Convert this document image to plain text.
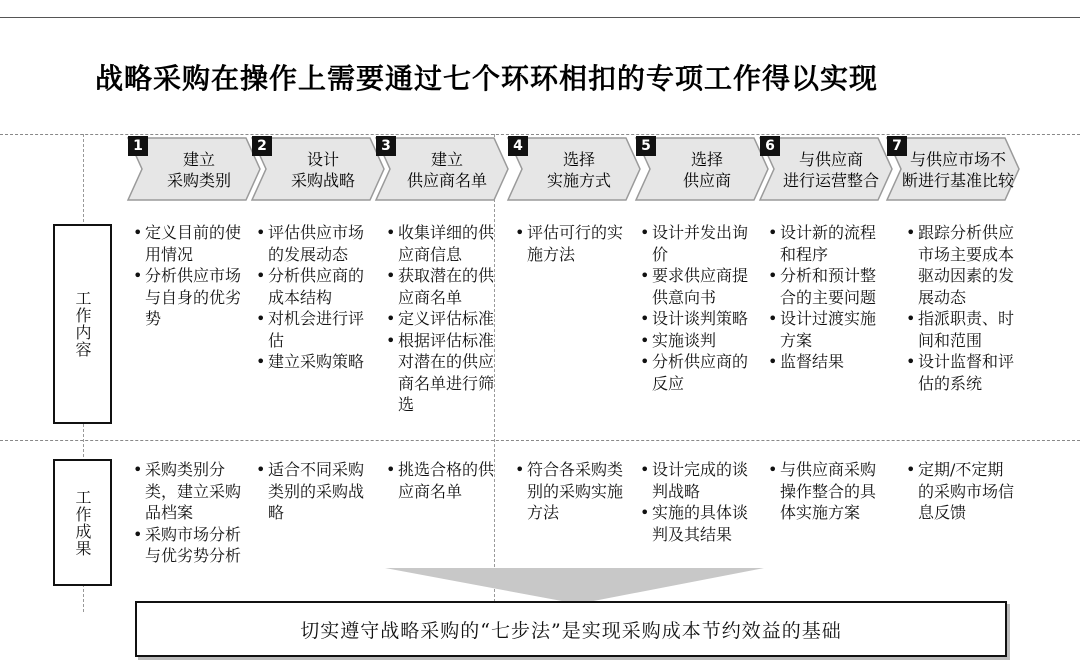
战略采购在操作上需要通过七个环环相扣的专项工作得以实现
工作内容
工作成果
1
建立
采购类别
2
设计
采购战略
3
建立
供应商名单
4
选择
实施方式
5
选择
供应商
6
与供应商
进行运营整合
7
与供应市场不
断进行基准比较
• 定义目前的使用情况
• 分析供应市场与自身的优劣势
• 采购类别分类，建立采购品档案
• 采购市场分析与优劣势分析
• 评估供应市场的发展动态
• 分析供应商的成本结构
• 对机会进行评估
• 建立采购策略
• 适合不同采购类别的采购战略
• 收集详细的供应商信息
• 获取潜在的供应商名单
• 定义评估标准
• 根据评估标准对潜在的供应商名单进行筛选
• 挑选合格的供应商名单
• 评估可行的实施方法
• 符合各采购类别的采购实施方法
• 设计并发出询价
• 要求供应商提供意向书
• 设计谈判策略
• 实施谈判
• 分析供应商的反应
• 设计完成的谈判战略
• 实施的具体谈判及其结果
• 设计新的流程和程序
• 分析和预计整合的主要问题
• 设计过渡实施方案
• 监督结果
• 与供应商采购操作整合的具体实施方案
• 跟踪分析供应市场主要成本驱动因素的发展动态
• 指派职责、时间和范围
• 设计监督和评估的系统
• 定期/不定期的采购市场信息反馈
切实遵守战略采购的“七步法”是实现采购成本节约效益的基础
